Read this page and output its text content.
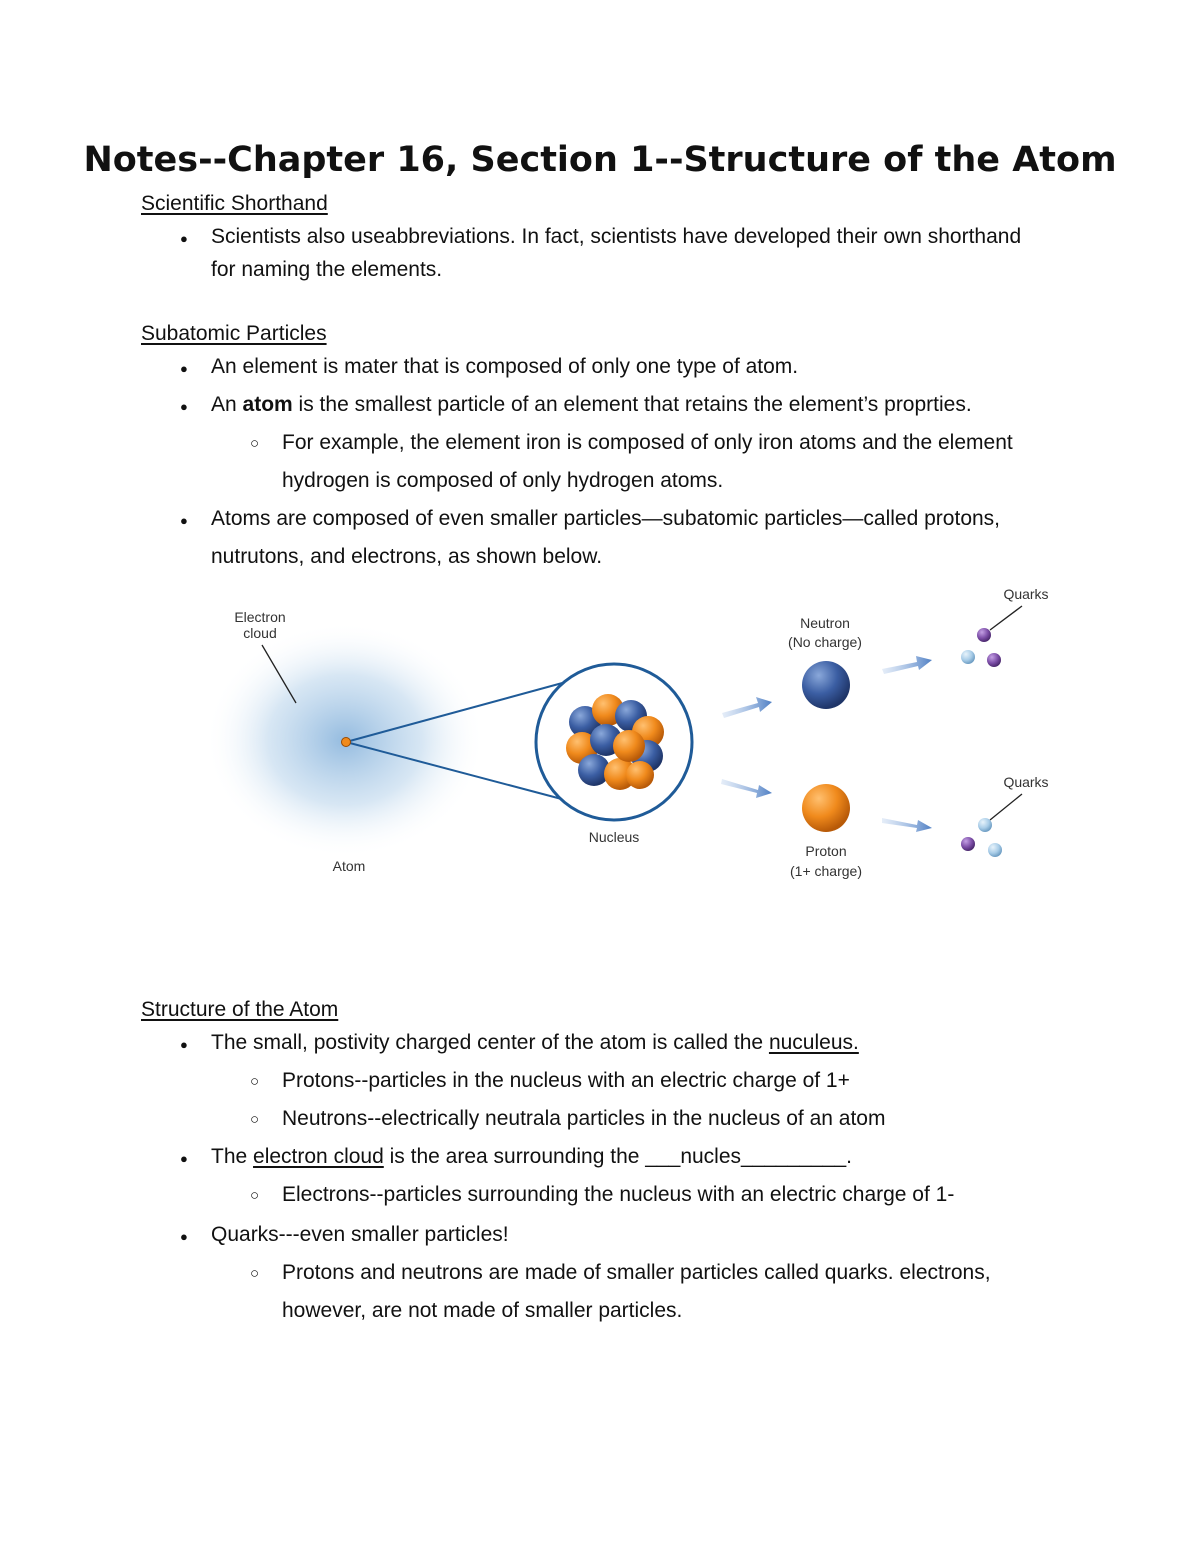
Notes--Chapter 16, Section 1--Structure of the Atom

Scientific Shorthand

● Scientists also useabbreviations. In fact, scientists have developed their own shorthand

for naming the elements.

Subatomic Particles

● An element is mater that is composed of only one type of atom.

● An atom is the smallest particle of an element that retains the element’s proprties.

○ For example, the element iron is composed of only iron atoms and the element

hydrogen is composed of only hydrogen atoms.

● Atoms are composed of even smaller particles—subatomic particles—called protons,

nutrutons, and electrons, as shown below.

Electron
cloud
Atom
Nucleus
Neutron
(No charge)
Proton
(1+ charge)
Quarks
Quarks

Structure of the Atom

● The small, postivity charged center of the atom is called the nuculeus.

○ Protons--particles in the nucleus with an electric charge of 1+

○ Neutrons--electrically neutrala particles in the nucleus of an atom

● The electron cloud is the area surrounding the ___nucles_________.

○ Electrons--particles surrounding the nucleus with an electric charge of 1-

● Quarks---even smaller particles!

○ Protons and neutrons are made of smaller particles called quarks. electrons,

however, are not made of smaller particles.
